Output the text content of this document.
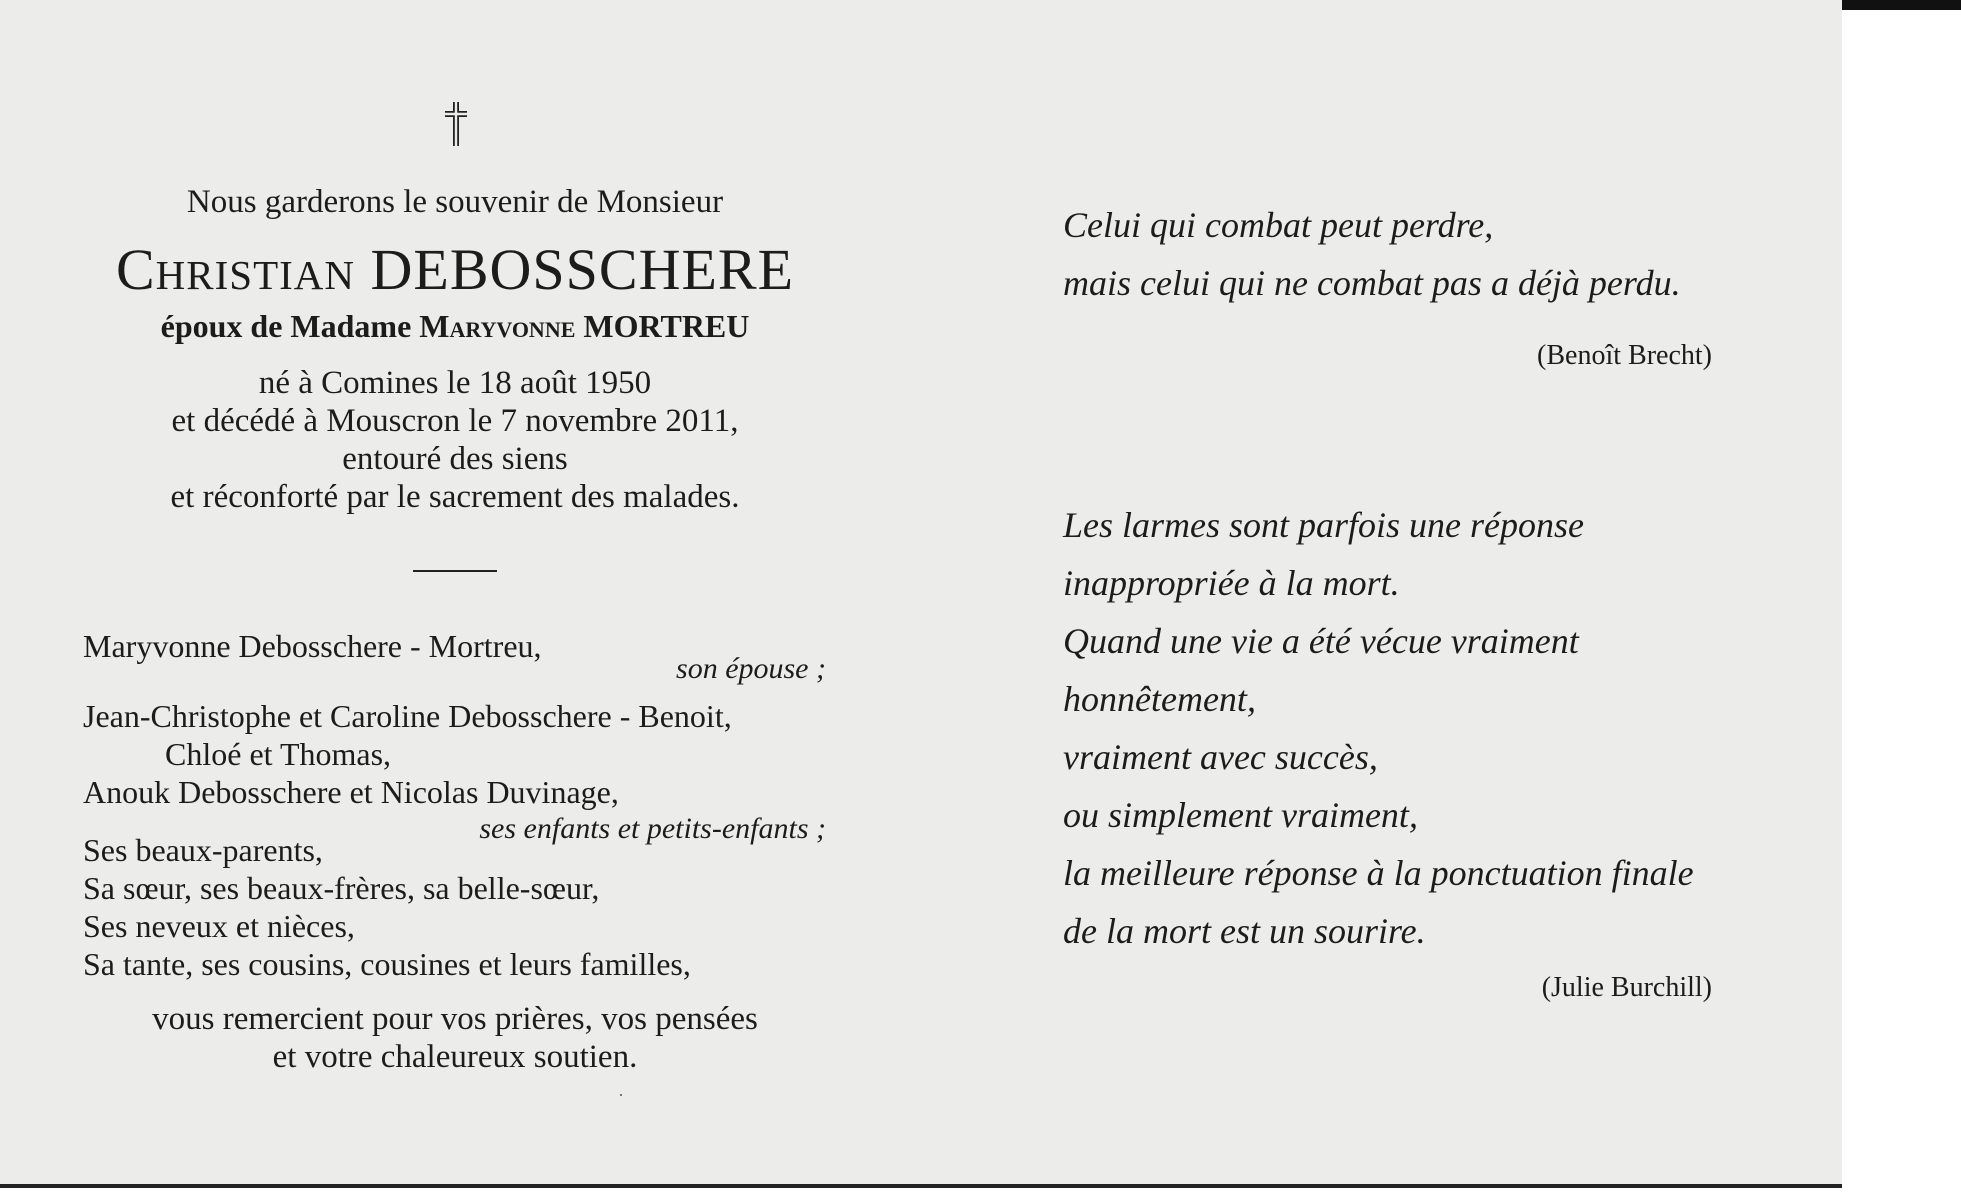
Nous garderons le souvenir de Monsieur
Christian DEBOSSCHERE
époux de Madame Maryvonne MORTREU
né à Comines le 18 août 1950
et décédé à Mouscron le 7 novembre 2011,
entouré des siens
et réconforté par le sacrement des malades.
Maryvonne Debosschere - Mortreu,
son épouse ;
Jean-Christophe et Caroline Debosschere - Benoit,
Chloé et Thomas,
Anouk Debosschere et Nicolas Duvinage,
ses enfants et petits-enfants ;
Ses beaux-parents,
Sa sœur, ses beaux-frères, sa belle-sœur,
Ses neveux et nièces,
Sa tante, ses cousins, cousines et leurs familles,
vous remercient pour vos prières, vos pensées
et votre chaleureux soutien.
Celui qui combat peut perdre,
mais celui qui ne combat pas a déjà perdu.
(Benoît Brecht)
Les larmes sont parfois une réponse
inappropriée à la mort.
Quand une vie a été vécue vraiment
honnêtement,
vraiment avec succès,
ou simplement vraiment,
la meilleure réponse à la ponctuation finale
de la mort est un sourire.
(Julie Burchill)
